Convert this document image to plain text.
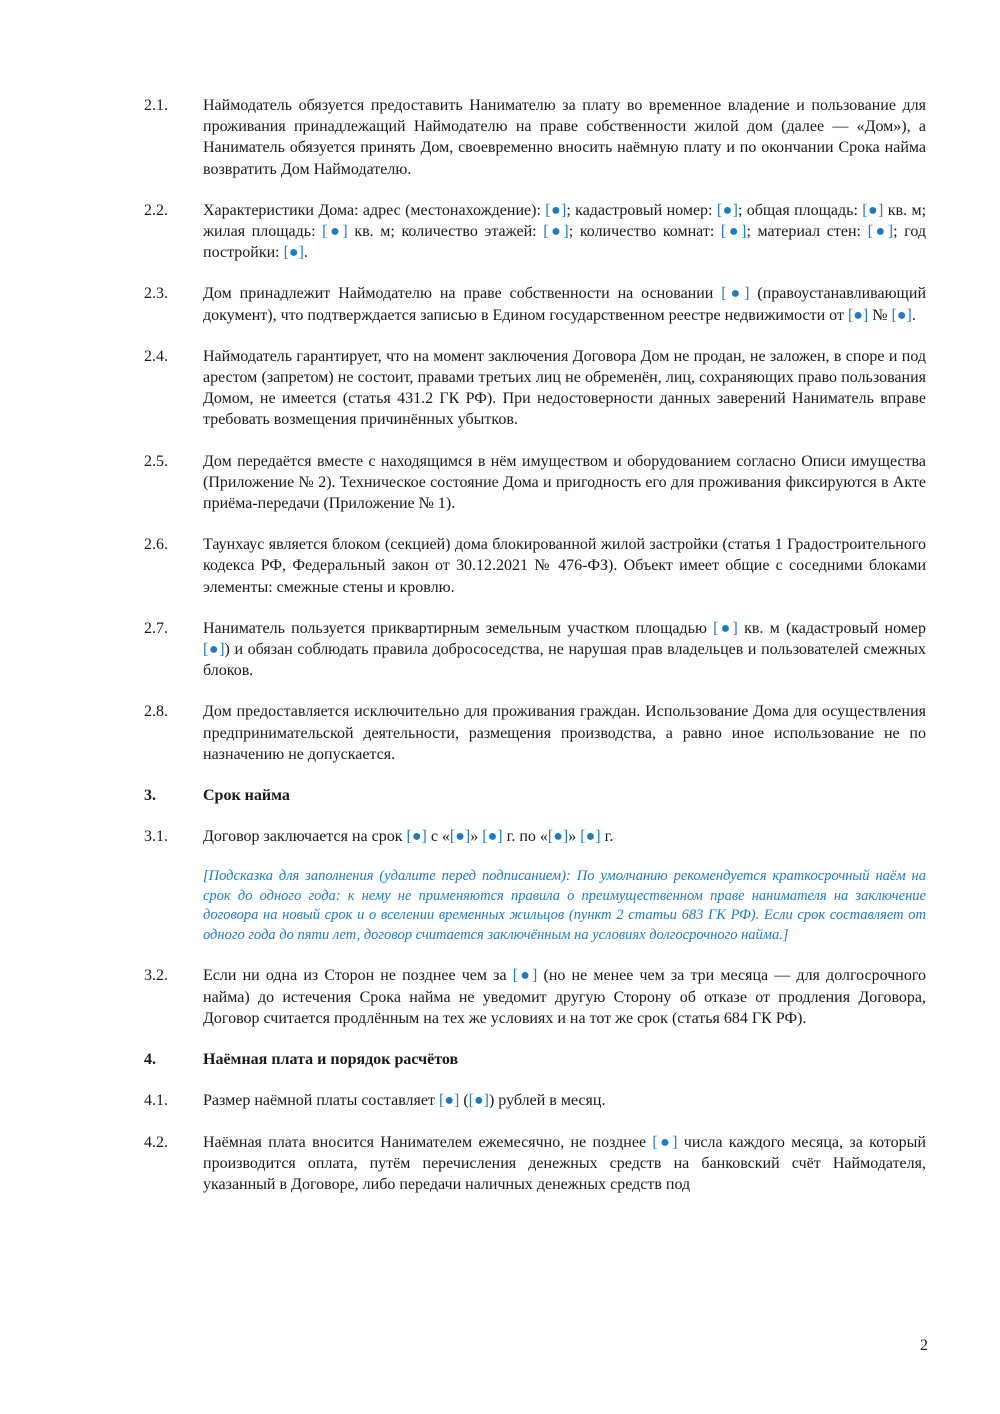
2.1.	Наймодатель обязуется предоставить Нанимателю за плату во временное владение и пользование для проживания принадлежащий Наймодателю на праве собственности жилой дом (далее — «Дом»), а Наниматель обязуется принять Дом, своевременно вносить наёмную плату и по окончании Срока найма возвратить Дом Наймодателю.
2.2.	Характеристики Дома: адрес (местонахождение): [●]; кадастровый номер: [●]; общая площадь: [●] кв. м; жилая площадь: [●] кв. м; количество этажей: [●]; количество комнат: [●]; материал стен: [●]; год постройки: [●].
2.3.	Дом принадлежит Наймодателю на праве собственности на основании [●] (правоустанавливающий документ), что подтверждается записью в Едином государственном реестре недвижимости от [●] № [●].
2.4.	Наймодатель гарантирует, что на момент заключения Договора Дом не продан, не заложен, в споре и под арестом (запретом) не состоит, правами третьих лиц не обременён, лиц, сохраняющих право пользования Домом, не имеется (статья 431.2 ГК РФ). При недостоверности данных заверений Наниматель вправе требовать возмещения причинённых убытков.
2.5.	Дом передаётся вместе с находящимся в нём имуществом и оборудованием согласно Описи имущества (Приложение № 2). Техническое состояние Дома и пригодность его для проживания фиксируются в Акте приёма-передачи (Приложение № 1).
2.6.	Таунхаус является блоком (секцией) дома блокированной жилой застройки (статья 1 Градостроительного кодекса РФ, Федеральный закон от 30.12.2021 № 476-ФЗ). Объект имеет общие с соседними блоками элементы: смежные стены и кровлю.
2.7.	Наниматель пользуется приквартирным земельным участком площадью [●] кв. м (кадастровый номер [●]) и обязан соблюдать правила добрососедства, не нарушая прав владельцев и пользователей смежных блоков.
2.8.	Дом предоставляется исключительно для проживания граждан. Использование Дома для осуществления предпринимательской деятельности, размещения производства, а равно иное использование не по назначению не допускается.
3.	Срок найма
3.1.	Договор заключается на срок [●] с «[●]» [●] г. по «[●]» [●] г.
[Подсказка для заполнения (удалите перед подписанием): По умолчанию рекомендуется краткосрочный наём на срок до одного года: к нему не применяются правила о преимущественном праве нанимателя на заключение договора на новый срок и о вселении временных жильцов (пункт 2 статьи 683 ГК РФ). Если срок составляет от одного года до пяти лет, договор считается заключённым на условиях долгосрочного найма.]
3.2.	Если ни одна из Сторон не позднее чем за [●] (но не менее чем за три месяца — для долгосрочного найма) до истечения Срока найма не уведомит другую Сторону об отказе от продления Договора, Договор считается продлённым на тех же условиях и на тот же срок (статья 684 ГК РФ).
4.	Наёмная плата и порядок расчётов
4.1.	Размер наёмной платы составляет [●] ([●]) рублей в месяц.
4.2.	Наёмная плата вносится Нанимателем ежемесячно, не позднее [●] числа каждого месяца, за который производится оплата, путём перечисления денежных средств на банковский счёт Наймодателя, указанный в Договоре, либо передачи наличных денежных средств под
2
